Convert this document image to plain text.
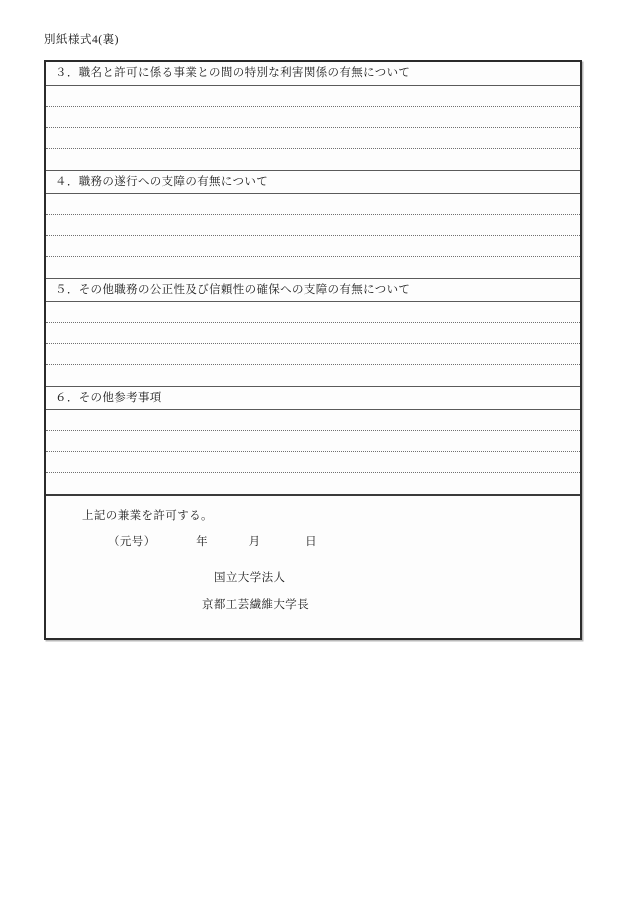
別紙様式4(裏)
３．職名と許可に係る事業との間の特別な利害関係の有無について
４．職務の遂行への支障の有無について
５．その他職務の公正性及び信頼性の確保への支障の有無について
６．その他参考事項
上記の兼業を許可する。
（元号）	年	月	日
国立大学法人
京都工芸繊維大学長
